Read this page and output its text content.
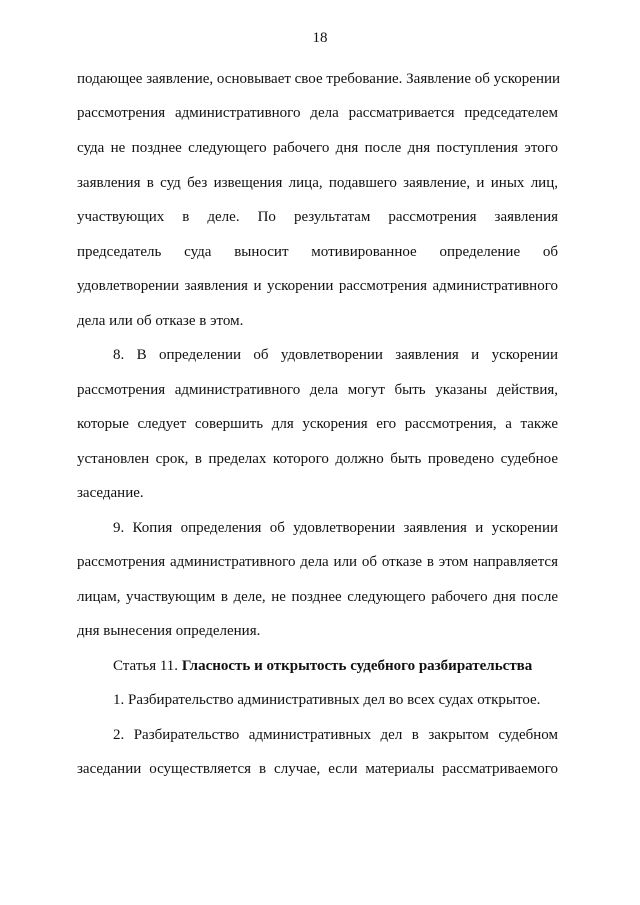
18
подающее заявление, основывает свое требование. Заявление об ускорении
рассмотрения административного дела рассматривается председателем
суда не позднее следующего рабочего дня после дня поступления этого
заявления в суд без извещения лица, подавшего заявление, и иных лиц,
участвующих в деле. По результатам рассмотрения заявления
председатель суда выносит мотивированное определение об
удовлетворении заявления и ускорении рассмотрения административного
дела или об отказе в этом.
8. В определении об удовлетворении заявления и ускорении
рассмотрения административного дела могут быть указаны действия,
которые следует совершить для ускорения его рассмотрения, а также
установлен срок, в пределах которого должно быть проведено судебное
заседание.
9. Копия определения об удовлетворении заявления и ускорении
рассмотрения административного дела или об отказе в этом направляется
лицам, участвующим в деле, не позднее следующего рабочего дня после
дня вынесения определения.
Статья 11. Гласность и открытость судебного разбирательства
1. Разбирательство административных дел во всех судах открытое.
2. Разбирательство административных дел в закрытом судебном
заседании осуществляется в случае, если материалы рассматриваемого
